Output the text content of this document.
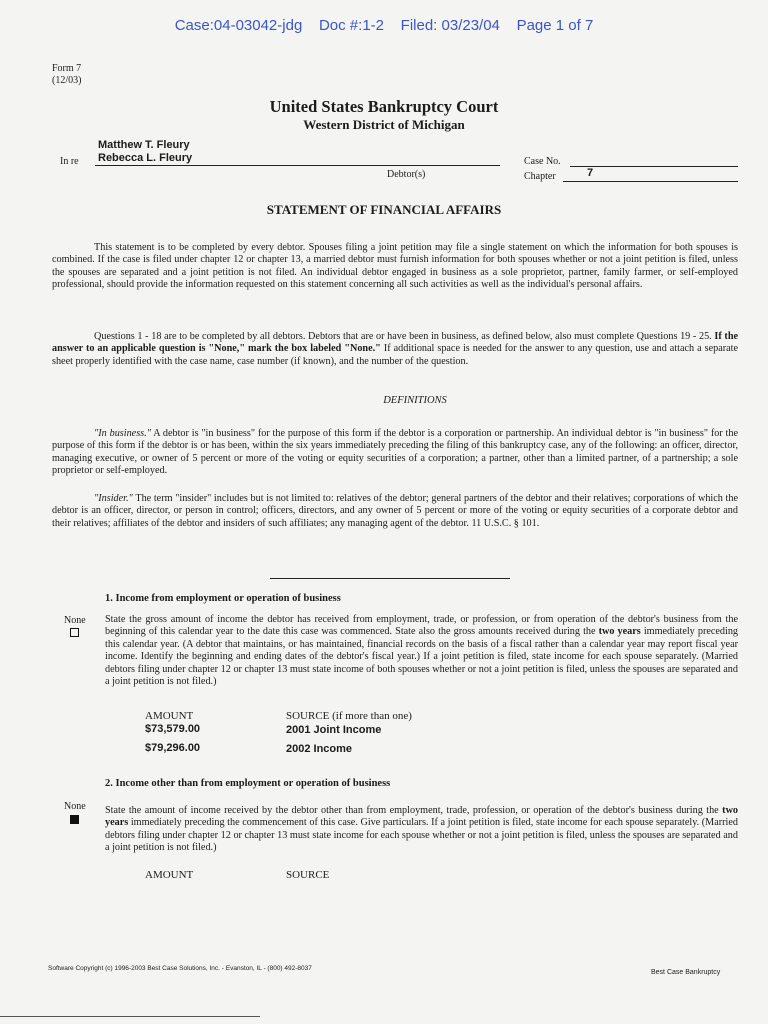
Case:04-03042-jdg    Doc #:1-2    Filed: 03/23/04    Page 1 of 7
Form 7
(12/03)
United States Bankruptcy Court
Western District of Michigan
In re
Matthew T. Fleury
Rebecca L. Fleury
Debtor(s)
Case No.
Chapter	7
STATEMENT OF FINANCIAL AFFAIRS
This statement is to be completed by every debtor. Spouses filing a joint petition may file a single statement on which the information for both spouses is combined. If the case is filed under chapter 12 or chapter 13, a married debtor must furnish information for both spouses whether or not a joint petition is filed, unless the spouses are separated and a joint petition is not filed. An individual debtor engaged in business as a sole proprietor, partner, family farmer, or self-employed professional, should provide the information requested on this statement concerning all such activities as well as the individual's personal affairs.
Questions 1 - 18 are to be completed by all debtors. Debtors that are or have been in business, as defined below, also must complete Questions 19 - 25. If the answer to an applicable question is "None," mark the box labeled "None." If additional space is needed for the answer to any question, use and attach a separate sheet properly identified with the case name, case number (if known), and the number of the question.
DEFINITIONS
"In business." A debtor is "in business" for the purpose of this form if the debtor is a corporation or partnership. An individual debtor is "in business" for the purpose of this form if the debtor is or has been, within the six years immediately preceding the filing of this bankruptcy case, any of the following: an officer, director, managing executive, or owner of 5 percent or more of the voting or equity securities of a corporation; a partner, other than a limited partner, of a partnership; a sole proprietor or self-employed.
"Insider." The term "insider" includes but is not limited to: relatives of the debtor; general partners of the debtor and their relatives; corporations of which the debtor is an officer, director, or person in control; officers, directors, and any owner of 5 percent or more of the voting or equity securities of a corporate debtor and their relatives; affiliates of the debtor and insiders of such affiliates; any managing agent of the debtor. 11 U.S.C. § 101.
1. Income from employment or operation of business
None State the gross amount of income the debtor has received from employment, trade, or profession, or from operation of the debtor's business from the beginning of this calendar year to the date this case was commenced. State also the gross amounts received during the two years immediately preceding this calendar year. (A debtor that maintains, or has maintained, financial records on the basis of a fiscal rather than a calendar year may report fiscal year income. Identify the beginning and ending dates of the debtor's fiscal year.) If a joint petition is filed, state income for each spouse separately. (Married debtors filing under chapter 12 or chapter 13 must state income of both spouses whether or not a joint petition is filed, unless the spouses are separated and a joint petition is not filed.)
AMOUNT	SOURCE (if more than one)
$73,579.00	2001 Joint Income
$79,296.00	2002 Income
2. Income other than from employment or operation of business
None State the amount of income received by the debtor other than from employment, trade, profession, or operation of the debtor's business during the two years immediately preceding the commencement of this case. Give particulars. If a joint petition is filed, state income for each spouse separately. (Married debtors filing under chapter 12 or chapter 13 must state income for each spouse whether or not a joint petition is filed, unless the spouses are separated and a joint petition is not filed.)
AMOUNT	SOURCE
Software Copyright (c) 1996-2003 Best Case Solutions, Inc. - Evanston, IL - (800) 492-8037
Best Case Bankruptcy
